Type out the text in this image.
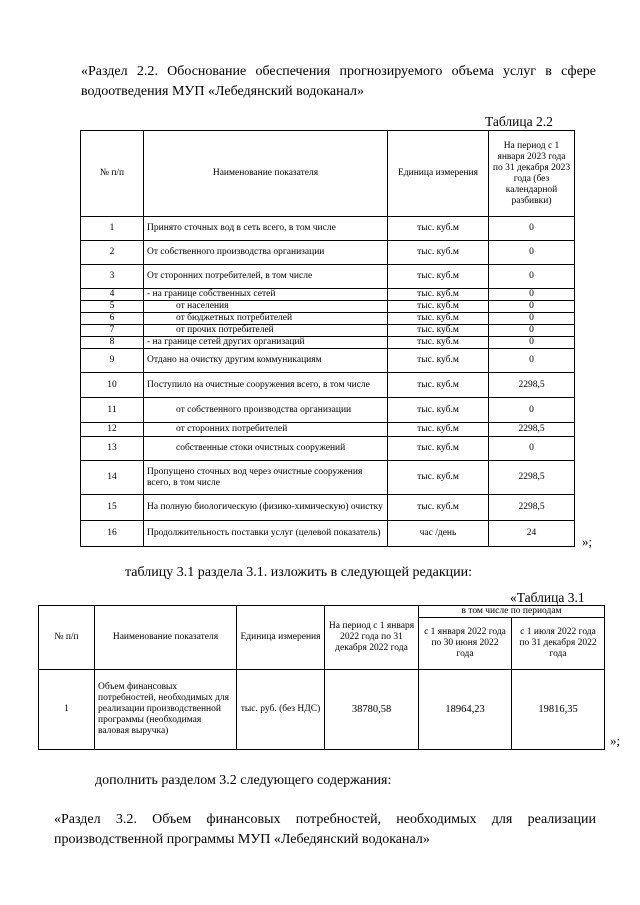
«Раздел 2.2. Обоснование обеспечения прогнозируемого объема услуг в сфере водоотведения МУП «Лебедянский водоканал»
Таблица 2.2
№ п/п	Наименование показателя	Единица измерения	На период с 1 января 2023 года по 31 декабря 2023 года (без календарной разбивки)
1	Принято сточных вод в сеть всего, в том числе	тыс. куб.м	0
2	От собственного производства организации	тыс. куб.м	0
3	От сторонних потребителей, в том числе	тыс. куб.м	0
4	- на границе собственных сетей	тыс. куб.м	0
5	от населения	тыс. куб.м	0
6	от бюджетных потребителей	тыс. куб.м	0
7	от прочих потребителей	тыс. куб.м	0
8	- на границе сетей других организаций	тыс. куб.м	0
9	Отдано на очистку другим коммуникациям	тыс. куб.м	0
10	Поступило на очистные сооружения всего, в том числе	тыс. куб.м	2298,5
11	от собственного производства организации	тыс. куб.м	0
12	от сторонних потребителей	тыс. куб.м	2298,5
13	собственные стоки очистных сооружений	тыс. куб.м	0
14	Пропущено сточных вод через очистные сооружения всего, в том числе	тыс. куб.м	2298,5
15	На полную биологическую (физико-химическую) очистку	тыс. куб.м	2298,5
16	Продолжительность поставки услуг (целевой показатель)	час /день	24
»;
таблицу 3.1 раздела 3.1. изложить в следующей редакции:
«Таблица 3.1
№ п/п	Наименование показателя	Единица измерения	На период с 1 января 2022 года по 31 декабря 2022 года	в том числе по периодам	
				с 1 января 2022 года по 30 июня 2022 года	с 1 июля 2022 года по 31 декабря 2022 года
1	Объем финансовых потребностей, необходимых для реализации производственной программы (необходимая валовая выручка)	тыс. руб. (без НДС)	38780,58	18964,23	19816,35
»;
дополнить разделом 3.2 следующего содержания:
«Раздел 3.2. Объем финансовых потребностей, необходимых для реализации производственной программы МУП «Лебедянский водоканал»
